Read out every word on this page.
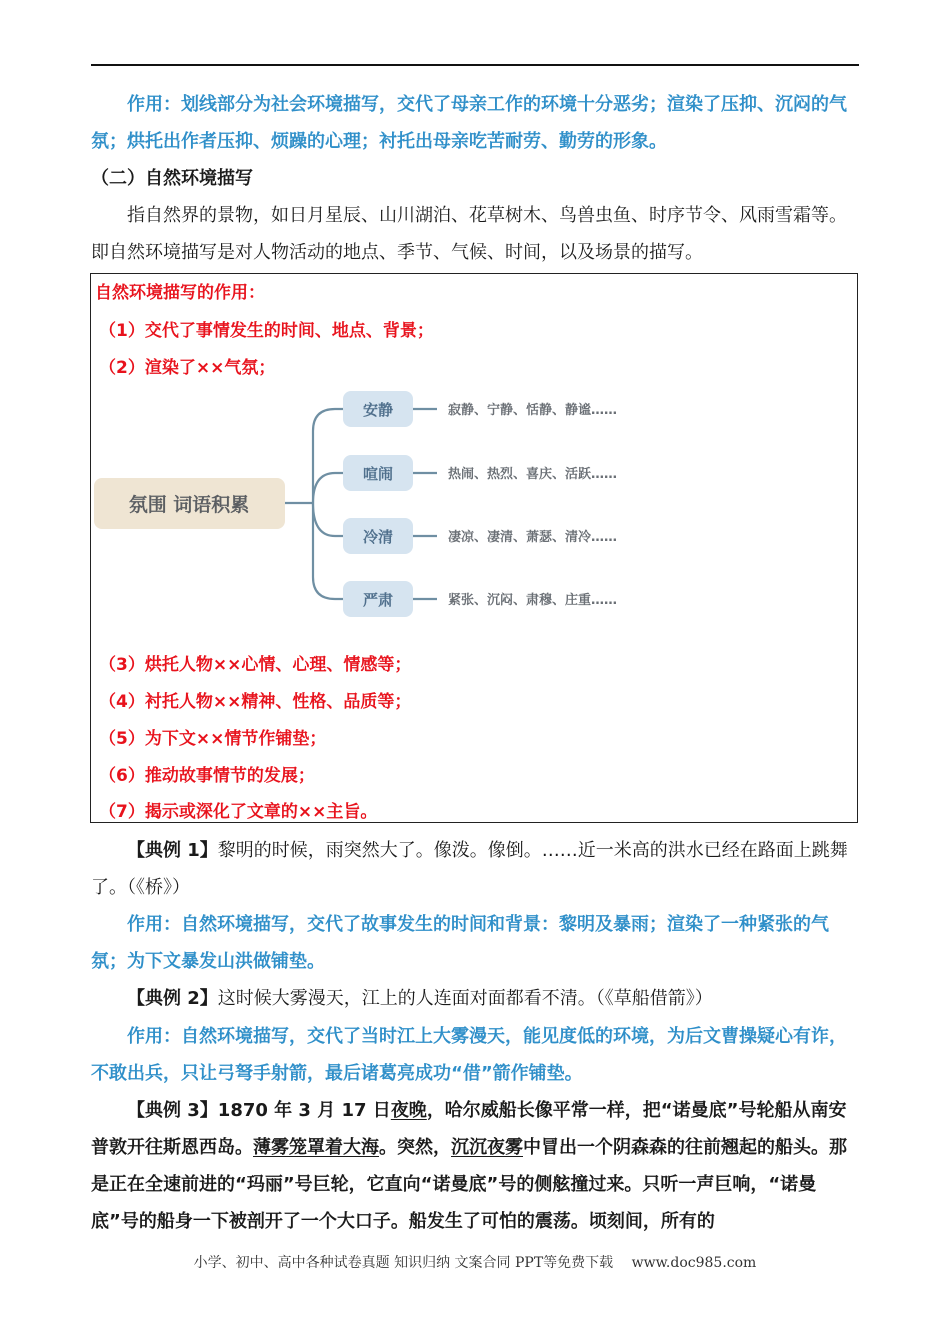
作用：划线部分为社会环境描写，交代了母亲工作的环境十分恶劣；渲染了压抑、沉闷的气氛；烘托出作者压抑、烦躁的心理；衬托出母亲吃苦耐劳、勤劳的形象。

（二）自然环境描写

指自然界的景物，如日月星辰、山川湖泊、花草树木、鸟兽虫鱼、时序节令、风雨雪霜等。即自然环境描写是对人物活动的地点、季节、气候、时间，以及场景的描写。

自然环境描写的作用：

（1）交代了事情发生的时间、地点、背景；

（2）渲染了××气氛；

氛围 词语积累
安静	寂静、宁静、恬静、静谧……
喧闹	热闹、热烈、喜庆、活跃……
冷清	凄凉、凄清、萧瑟、清冷……
严肃	紧张、沉闷、肃穆、庄重……

（3）烘托人物××心情、心理、情感等；

（4）衬托人物××精神、性格、品质等；

（5）为下文××情节作铺垫；

（6）推动故事情节的发展；

（7）揭示或深化了文章的××主旨。

【典例 1】黎明的时候，雨突然大了。像泼。像倒。……近一米高的洪水已经在路面上跳舞了。（《桥》）

作用：自然环境描写，交代了故事发生的时间和背景：黎明及暴雨；渲染了一种紧张的气氛；为下文暴发山洪做铺垫。

【典例 2】这时候大雾漫天，江上的人连面对面都看不清。（《草船借箭》）

作用：自然环境描写，交代了当时江上大雾漫天，能见度低的环境，为后文曹操疑心有诈，不敢出兵，只让弓弩手射箭，最后诸葛亮成功“借”箭作铺垫。

【典例 3】1870 年 3 月 17 日夜晚，哈尔威船长像平常一样，把“诺曼底”号轮船从南安普敦开往斯恩西岛。薄雾笼罩着大海。突然，沉沉夜雾中冒出一个阴森森的往前翘起的船头。那是正在全速前进的“玛丽”号巨轮，它直向“诺曼底”号的侧舷撞过来。只听一声巨响，“诺曼底”号的船身一下被剖开了一个大口子。船发生了可怕的震荡。顷刻间，所有的

小学、初中、高中各种试卷真题 知识归纳 文案合同 PPT等免费下载　 www.doc985.com
